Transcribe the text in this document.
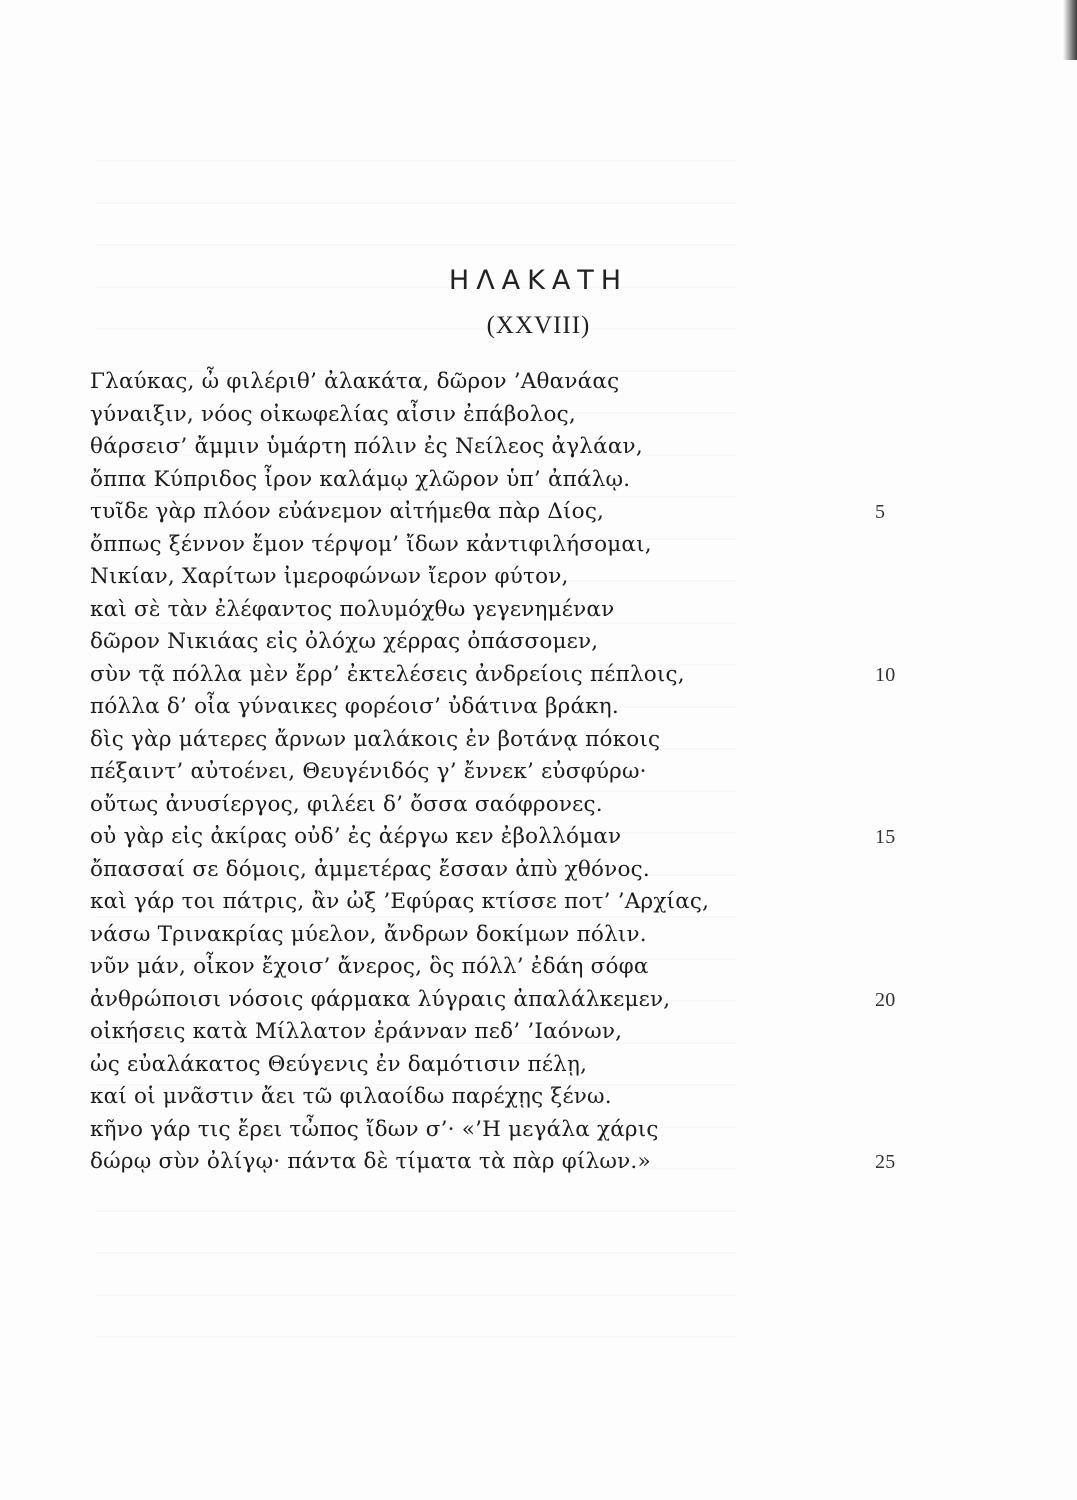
ΗΛΑΚΑΤΗ
(XXVIII)
Γλαύκας, ὦ φιλέριθ’ ἀλακάτα, δῶρον ’Αθανάας
γύναιξιν, νόος οἰκωφελίας αἶσιν ἐπάβολος,
θάρσεισ’ ἄμμιν ὑμάρτη πόλιν ἐς Νείλεος ἀγλάαν,
ὄππα Κύπριδος ἶρον καλάμῳ χλῶρον ὑπ’ ἀπάλῳ.
τυῖδε γὰρ πλόον εὐάνεμον αἰτήμεθα πὰρ Δίος,	5
ὄππως ξέννον ἔμον τέρψομ’ ἴδων κἀντιφιλήσομαι,
Νικίαν, Χαρίτων ἰμεροφώνων ἴερον φύτον,
καὶ σὲ τὰν ἐλέφαντος πολυμόχθω γεγενημέναν
δῶρον Νικιάας εἰς ὀλόχω χέρρας ὀπάσσομεν,
σὺν τᾷ πόλλα μὲν ἔρρ’ ἐκτελέσεις ἀνδρείοις πέπλοις,	10
πόλλα δ’ οἶα γύναικες φορέοισ’ ὐδάτινα βράκη.
δὶς γὰρ μάτερες ἄρνων μαλάκοις ἐν βοτάνᾳ πόκοις
πέξαιντ’ αὐτοένει, Θευγένιδός γ’ ἔννεκ’ εὐσφύρω·
οὔτως ἀνυσίεργος, φιλέει δ’ ὄσσα σαόφρονες.
οὐ γὰρ εἰς ἀκίρας οὐδ’ ἐς ἀέργω κεν ἐβολλόμαν	15
ὄπασσαί σε δόμοις, ἀμμετέρας ἔσσαν ἀπὺ χθόνος.
καὶ γάρ τοι πάτρις, ἂν ὠξ ’Εφύρας κτίσσε ποτ’ ’Αρχίας,
νάσω Τρινακρίας μύελον, ἄνδρων δοκίμων πόλιν.
νῦν μάν, οἶκον ἔχοισ’ ἄνερος, ὃς πόλλ’ ἐδάη σόφα
ἀνθρώποισι νόσοις φάρμακα λύγραις ἀπαλάλκεμεν,	20
οἰκήσεις κατὰ Μίλλατον ἐράνναν πεδ’ ’Ιαόνων,
ὠς εὐαλάκατος Θεύγενις ἐν δαμότισιν πέλῃ,
καί οἱ μνᾶστιν ἄει τῶ φιλαοίδω παρέχῃς ξένω.
κῆνο γάρ τις ἔρει τὦπος ἴδων σ’· «’Η μεγάλα χάρις
δώρῳ σὺν ὀλίγῳ· πάντα δὲ τίματα τὰ πὰρ φίλων.»	25
